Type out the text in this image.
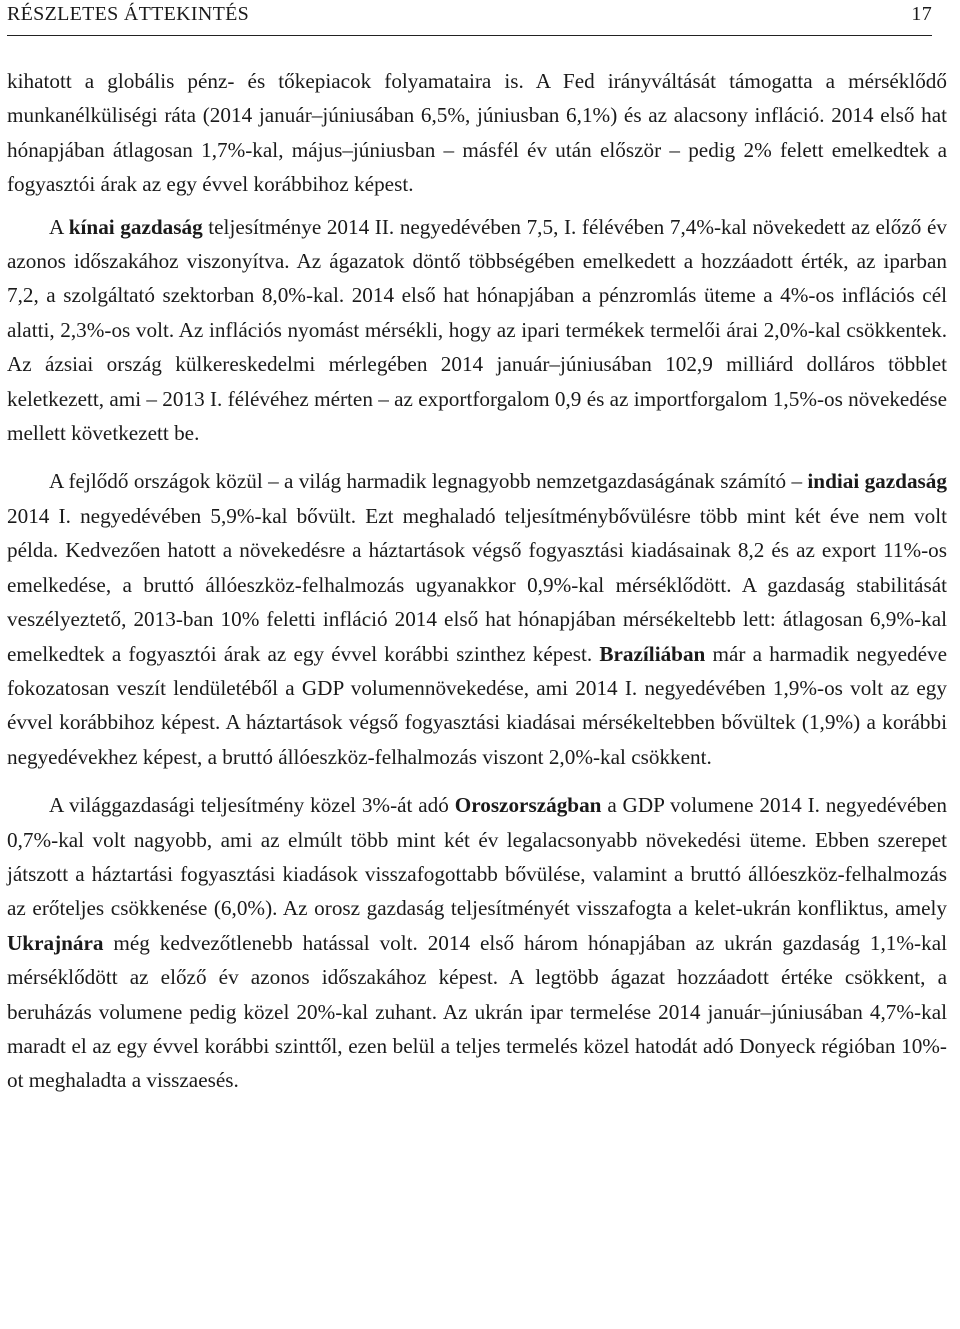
RÉSZLETES ÁTTEKINTÉS	17

kihatott a globális pénz- és tőkepiacok folyamataira is. A Fed irányváltását támogatta a mérséklődő munkanélküliségi ráta (2014 január–júniusában 6,5%, júniusban 6,1%) és az alacsony infláció. 2014 első hat hónapjában átlagosan 1,7%-kal, május–júniusban – másfél év után először – pedig 2% felett emelkedtek a fogyasztói árak az egy évvel korábbihoz képest.

A kínai gazdaság teljesítménye 2014 II. negyedévében 7,5, I. félévében 7,4%-kal növekedett az előző év azonos időszakához viszonyítva. Az ágazatok döntő többségében emelkedett a hozzáadott érték, az iparban 7,2, a szolgáltató szektorban 8,0%-kal. 2014 első hat hónapjában a pénzromlás üteme a 4%-os inflációs cél alatti, 2,3%-os volt. Az inflációs nyomást mérsékli, hogy az ipari termékek termelői árai 2,0%-kal csökkentek. Az ázsiai ország külkereskedelmi mérlegében 2014 január–júniusában 102,9 milliárd dolláros többlet keletkezett, ami – 2013 I. félévéhez mérten – az exportforgalom 0,9 és az importforgalom 1,5%-os növekedése mellett következett be.

A fejlődő országok közül – a világ harmadik legnagyobb nemzetgazdaságának számító – indiai gazdaság 2014 I. negyedévében 5,9%-kal bővült. Ezt meghaladó teljesítménybővülésre több mint két éve nem volt példa. Kedvezően hatott a növekedésre a háztartások végső fogyasztási kiadásainak 8,2 és az export 11%-os emelkedése, a bruttó állóeszköz-felhalmozás ugyanakkor 0,9%-kal mérséklődött. A gazdaság stabilitását veszélyeztető, 2013-ban 10% feletti infláció 2014 első hat hónapjában mérsékeltebb lett: átlagosan 6,9%-kal emelkedtek a fogyasztói árak az egy évvel korábbi szinthez képest. Brazíliában már a harmadik negyedéve fokozatosan veszít lendületéből a GDP volumennövekedése, ami 2014 I. negyedévében 1,9%-os volt az egy évvel korábbihoz képest. A háztartások végső fogyasztási kiadásai mérsékeltebben bővültek (1,9%) a korábbi negyedévekhez képest, a bruttó állóeszköz-felhalmozás viszont 2,0%-kal csökkent.

A világgazdasági teljesítmény közel 3%-át adó Oroszországban a GDP volumene 2014 I. negyedévében 0,7%-kal volt nagyobb, ami az elmúlt több mint két év legalacsonyabb növekedési üteme. Ebben szerepet játszott a háztartási fogyasztási kiadások visszafogottabb bővülése, valamint a bruttó állóeszköz-felhalmozás az erőteljes csökkenése (6,0%). Az orosz gazdaság teljesítményét visszafogta a kelet-ukrán konfliktus, amely Ukrajnára még kedvezőtlenebb hatással volt. 2014 első három hónapjában az ukrán gazdaság 1,1%-kal mérséklődött az előző év azonos időszakához képest. A legtöbb ágazat hozzáadott értéke csökkent, a beruházás volumene pedig közel 20%-kal zuhant. Az ukrán ipar termelése 2014 január–júniusában 4,7%-kal maradt el az egy évvel korábbi szinttől, ezen belül a teljes termelés közel hatodát adó Donyeck régióban 10%-ot meghaladta a visszaesés.
